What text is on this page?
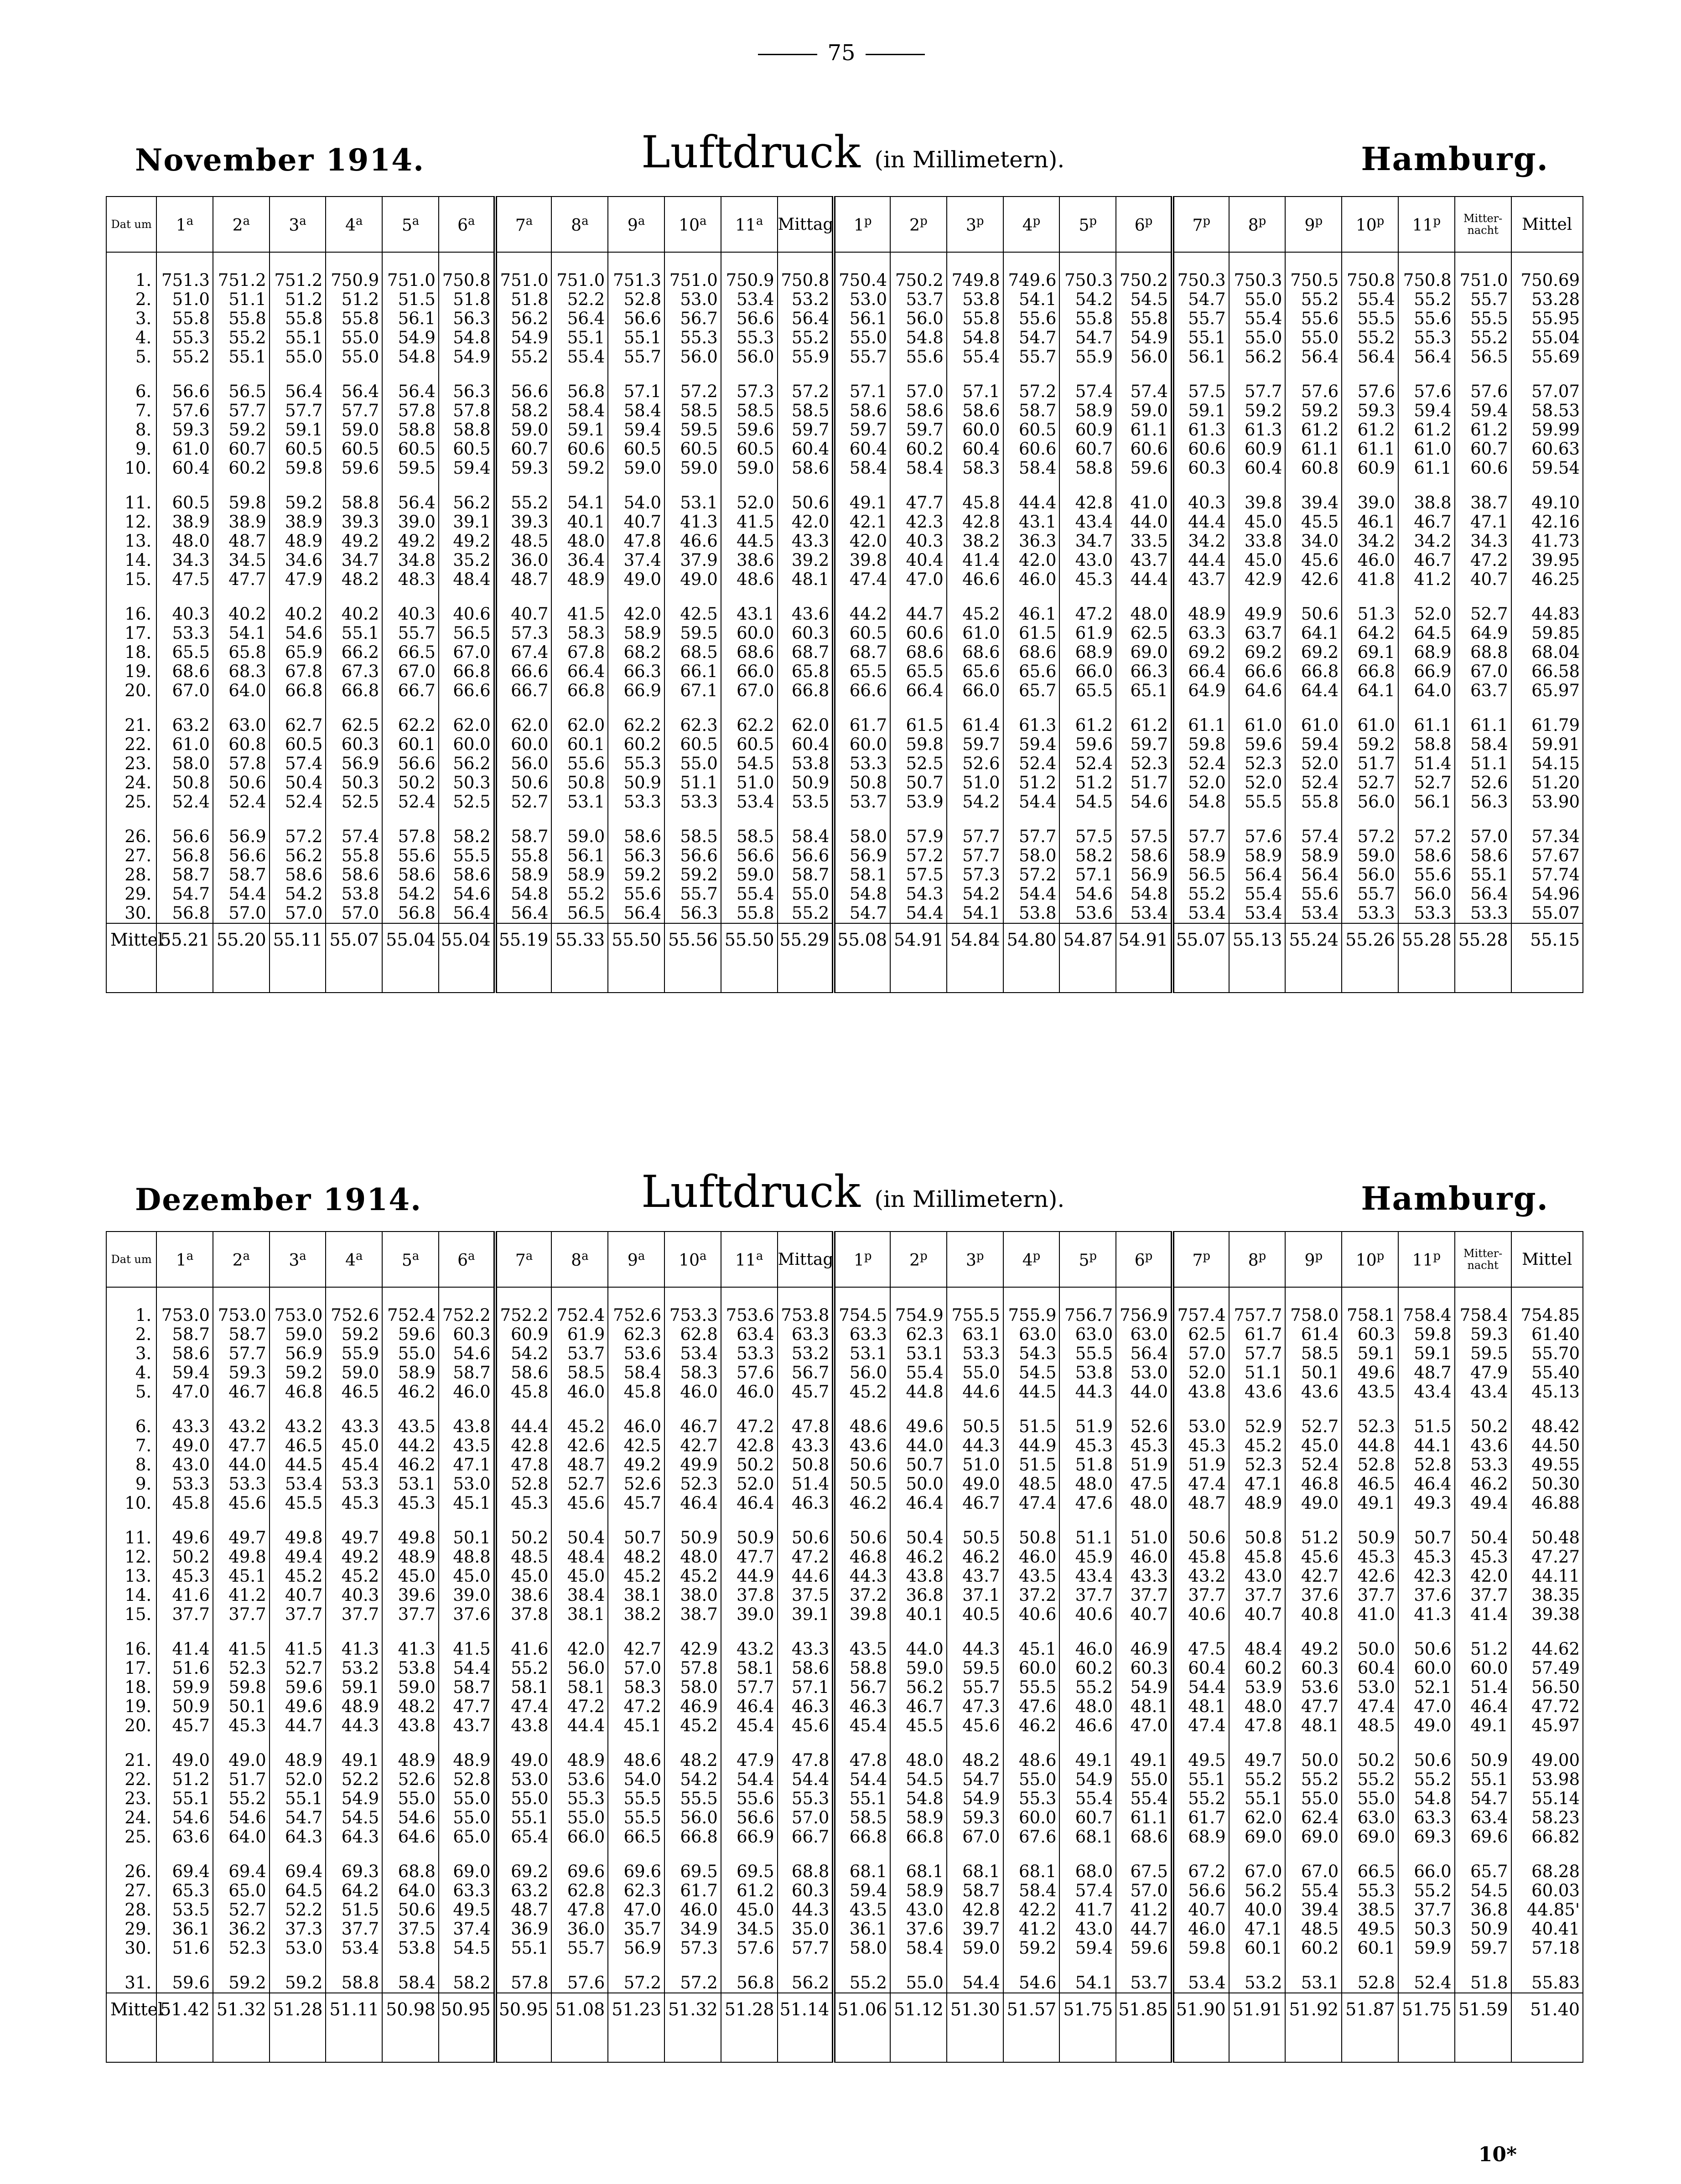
75
November 1914.	Luftdruck (in Millimetern).	Hamburg.
Dat um	1$^a$	2$^a$	3$^a$	4$^a$	5$^a$	6$^a$	7$^a$	8$^a$	9$^a$	10$^a$	11$^a$	Mittag	1$^p$	2$^p$	3$^p$	4$^p$	5$^p$	6$^p$	7$^p$	8$^p$	9$^p$	10$^p$	11$^p$	Mitter-nacht	Mittel

1.	751.3	751.2	751.2	750.9	751.0	750.8	751.0	751.0	751.3	751.0	750.9	750.8	750.4	750.2	749.8	749.6	750.3	750.2	750.3	750.3	750.5	750.8	750.8	751.0	750.69
2.	51.0	51.1	51.2	51.2	51.5	51.8	51.8	52.2	52.8	53.0	53.4	53.2	53.0	53.7	53.8	54.1	54.2	54.5	54.7	55.0	55.2	55.4	55.2	55.7	53.28
3.	55.8	55.8	55.8	55.8	56.1	56.3	56.2	56.4	56.6	56.7	56.6	56.4	56.1	56.0	55.8	55.6	55.8	55.8	55.7	55.4	55.6	55.5	55.6	55.5	55.95
4.	55.3	55.2	55.1	55.0	54.9	54.8	54.9	55.1	55.1	55.3	55.3	55.2	55.0	54.8	54.8	54.7	54.7	54.9	55.1	55.0	55.0	55.2	55.3	55.2	55.04
5.	55.2	55.1	55.0	55.0	54.8	54.9	55.2	55.4	55.7	56.0	56.0	55.9	55.7	55.6	55.4	55.7	55.9	56.0	56.1	56.2	56.4	56.4	56.4	56.5	55.69

6.	56.6	56.5	56.4	56.4	56.4	56.3	56.6	56.8	57.1	57.2	57.3	57.2	57.1	57.0	57.1	57.2	57.4	57.4	57.5	57.7	57.6	57.6	57.6	57.6	57.07
7.	57.6	57.7	57.7	57.7	57.8	57.8	58.2	58.4	58.4	58.5	58.5	58.5	58.6	58.6	58.6	58.7	58.9	59.0	59.1	59.2	59.2	59.3	59.4	59.4	58.53
8.	59.3	59.2	59.1	59.0	58.8	58.8	59.0	59.1	59.4	59.5	59.6	59.7	59.7	59.7	60.0	60.5	60.9	61.1	61.3	61.3	61.2	61.2	61.2	61.2	59.99
9.	61.0	60.7	60.5	60.5	60.5	60.5	60.7	60.6	60.5	60.5	60.5	60.4	60.4	60.2	60.4	60.6	60.7	60.6	60.6	60.9	61.1	61.1	61.0	60.7	60.63
10.	60.4	60.2	59.8	59.6	59.5	59.4	59.3	59.2	59.0	59.0	59.0	58.6	58.4	58.4	58.3	58.4	58.8	59.6	60.3	60.4	60.8	60.9	61.1	60.6	59.54

11.	60.5	59.8	59.2	58.8	56.4	56.2	55.2	54.1	54.0	53.1	52.0	50.6	49.1	47.7	45.8	44.4	42.8	41.0	40.3	39.8	39.4	39.0	38.8	38.7	49.10
12.	38.9	38.9	38.9	39.3	39.0	39.1	39.3	40.1	40.7	41.3	41.5	42.0	42.1	42.3	42.8	43.1	43.4	44.0	44.4	45.0	45.5	46.1	46.7	47.1	42.16
13.	48.0	48.7	48.9	49.2	49.2	49.2	48.5	48.0	47.8	46.6	44.5	43.3	42.0	40.3	38.2	36.3	34.7	33.5	34.2	33.8	34.0	34.2	34.2	34.3	41.73
14.	34.3	34.5	34.6	34.7	34.8	35.2	36.0	36.4	37.4	37.9	38.6	39.2	39.8	40.4	41.4	42.0	43.0	43.7	44.4	45.0	45.6	46.0	46.7	47.2	39.95
15.	47.5	47.7	47.9	48.2	48.3	48.4	48.7	48.9	49.0	49.0	48.6	48.1	47.4	47.0	46.6	46.0	45.3	44.4	43.7	42.9	42.6	41.8	41.2	40.7	46.25

16.	40.3	40.2	40.2	40.2	40.3	40.6	40.7	41.5	42.0	42.5	43.1	43.6	44.2	44.7	45.2	46.1	47.2	48.0	48.9	49.9	50.6	51.3	52.0	52.7	44.83
17.	53.3	54.1	54.6	55.1	55.7	56.5	57.3	58.3	58.9	59.5	60.0	60.3	60.5	60.6	61.0	61.5	61.9	62.5	63.3	63.7	64.1	64.2	64.5	64.9	59.85
18.	65.5	65.8	65.9	66.2	66.5	67.0	67.4	67.8	68.2	68.5	68.6	68.7	68.7	68.6	68.6	68.6	68.9	69.0	69.2	69.2	69.2	69.1	68.9	68.8	68.04
19.	68.6	68.3	67.8	67.3	67.0	66.8	66.6	66.4	66.3	66.1	66.0	65.8	65.5	65.5	65.6	65.6	66.0	66.3	66.4	66.6	66.8	66.8	66.9	67.0	66.58
20.	67.0	64.0	66.8	66.8	66.7	66.6	66.7	66.8	66.9	67.1	67.0	66.8	66.6	66.4	66.0	65.7	65.5	65.1	64.9	64.6	64.4	64.1	64.0	63.7	65.97

21.	63.2	63.0	62.7	62.5	62.2	62.0	62.0	62.0	62.2	62.3	62.2	62.0	61.7	61.5	61.4	61.3	61.2	61.2	61.1	61.0	61.0	61.0	61.1	61.1	61.79
22.	61.0	60.8	60.5	60.3	60.1	60.0	60.0	60.1	60.2	60.5	60.5	60.4	60.0	59.8	59.7	59.4	59.6	59.7	59.8	59.6	59.4	59.2	58.8	58.4	59.91
23.	58.0	57.8	57.4	56.9	56.6	56.2	56.0	55.6	55.3	55.0	54.5	53.8	53.3	52.5	52.6	52.4	52.4	52.3	52.4	52.3	52.0	51.7	51.4	51.1	54.15
24.	50.8	50.6	50.4	50.3	50.2	50.3	50.6	50.8	50.9	51.1	51.0	50.9	50.8	50.7	51.0	51.2	51.2	51.7	52.0	52.0	52.4	52.7	52.7	52.6	51.20
25.	52.4	52.4	52.4	52.5	52.4	52.5	52.7	53.1	53.3	53.3	53.4	53.5	53.7	53.9	54.2	54.4	54.5	54.6	54.8	55.5	55.8	56.0	56.1	56.3	53.90

26.	56.6	56.9	57.2	57.4	57.8	58.2	58.7	59.0	58.6	58.5	58.5	58.4	58.0	57.9	57.7	57.7	57.5	57.5	57.7	57.6	57.4	57.2	57.2	57.0	57.34
27.	56.8	56.6	56.2	55.8	55.6	55.5	55.8	56.1	56.3	56.6	56.6	56.6	56.9	57.2	57.7	58.0	58.2	58.6	58.9	58.9	58.9	59.0	58.6	58.6	57.67
28.	58.7	58.7	58.6	58.6	58.6	58.6	58.9	58.9	59.2	59.2	59.0	58.7	58.1	57.5	57.3	57.2	57.1	56.9	56.5	56.4	56.4	56.0	55.6	55.1	57.74
29.	54.7	54.4	54.2	53.8	54.2	54.6	54.8	55.2	55.6	55.7	55.4	55.0	54.8	54.3	54.2	54.4	54.6	54.8	55.2	55.4	55.6	55.7	56.0	56.4	54.96
30.	56.8	57.0	57.0	57.0	56.8	56.4	56.4	56.5	56.4	56.3	55.8	55.2	54.7	54.4	54.1	53.8	53.6	53.4	53.4	53.4	53.4	53.3	53.3	53.3	55.07
Mittel	55.21	55.20	55.11	55.07	55.04	55.04	55.19	55.33	55.50	55.56	55.50	55.29	55.08	54.91	54.84	54.80	54.87	54.91	55.07	55.13	55.24	55.26	55.28	55.28	55.15

Dezember 1914.	Luftdruck (in Millimetern).	Hamburg.
Dat um	1$^a$	2$^a$	3$^a$	4$^a$	5$^a$	6$^a$	7$^a$	8$^a$	9$^a$	10$^a$	11$^a$	Mittag	1$^p$	2$^p$	3$^p$	4$^p$	5$^p$	6$^p$	7$^p$	8$^p$	9$^p$	10$^p$	11$^p$	Mitter-nacht	Mittel

1.	753.0	753.0	753.0	752.6	752.4	752.2	752.2	752.4	752.6	753.3	753.6	753.8	754.5	754.9	755.5	755.9	756.7	756.9	757.4	757.7	758.0	758.1	758.4	758.4	754.85
2.	58.7	58.7	59.0	59.2	59.6	60.3	60.9	61.9	62.3	62.8	63.4	63.3	63.3	62.3	63.1	63.0	63.0	63.0	62.5	61.7	61.4	60.3	59.8	59.3	61.40
3.	58.6	57.7	56.9	55.9	55.0	54.6	54.2	53.7	53.6	53.4	53.3	53.2	53.1	53.1	53.3	54.3	55.5	56.4	57.0	57.7	58.5	59.1	59.1	59.5	55.70
4.	59.4	59.3	59.2	59.0	58.9	58.7	58.6	58.5	58.4	58.3	57.6	56.7	56.0	55.4	55.0	54.5	53.8	53.0	52.0	51.1	50.1	49.6	48.7	47.9	55.40
5.	47.0	46.7	46.8	46.5	46.2	46.0	45.8	46.0	45.8	46.0	46.0	45.7	45.2	44.8	44.6	44.5	44.3	44.0	43.8	43.6	43.6	43.5	43.4	43.4	45.13

6.	43.3	43.2	43.2	43.3	43.5	43.8	44.4	45.2	46.0	46.7	47.2	47.8	48.6	49.6	50.5	51.5	51.9	52.6	53.0	52.9	52.7	52.3	51.5	50.2	48.42
7.	49.0	47.7	46.5	45.0	44.2	43.5	42.8	42.6	42.5	42.7	42.8	43.3	43.6	44.0	44.3	44.9	45.3	45.3	45.3	45.2	45.0	44.8	44.1	43.6	44.50
8.	43.0	44.0	44.5	45.4	46.2	47.1	47.8	48.7	49.2	49.9	50.2	50.8	50.6	50.7	51.0	51.5	51.8	51.9	51.9	52.3	52.4	52.8	52.8	53.3	49.55
9.	53.3	53.3	53.4	53.3	53.1	53.0	52.8	52.7	52.6	52.3	52.0	51.4	50.5	50.0	49.0	48.5	48.0	47.5	47.4	47.1	46.8	46.5	46.4	46.2	50.30
10.	45.8	45.6	45.5	45.3	45.3	45.1	45.3	45.6	45.7	46.4	46.4	46.3	46.2	46.4	46.7	47.4	47.6	48.0	48.7	48.9	49.0	49.1	49.3	49.4	46.88

11.	49.6	49.7	49.8	49.7	49.8	50.1	50.2	50.4	50.7	50.9	50.9	50.6	50.6	50.4	50.5	50.8	51.1	51.0	50.6	50.8	51.2	50.9	50.7	50.4	50.48
12.	50.2	49.8	49.4	49.2	48.9	48.8	48.5	48.4	48.2	48.0	47.7	47.2	46.8	46.2	46.2	46.0	45.9	46.0	45.8	45.8	45.6	45.3	45.3	45.3	47.27
13.	45.3	45.1	45.2	45.2	45.0	45.0	45.0	45.0	45.2	45.2	44.9	44.6	44.3	43.8	43.7	43.5	43.4	43.3	43.2	43.0	42.7	42.6	42.3	42.0	44.11
14.	41.6	41.2	40.7	40.3	39.6	39.0	38.6	38.4	38.1	38.0	37.8	37.5	37.2	36.8	37.1	37.2	37.7	37.7	37.7	37.7	37.6	37.7	37.6	37.7	38.35
15.	37.7	37.7	37.7	37.7	37.7	37.6	37.8	38.1	38.2	38.7	39.0	39.1	39.8	40.1	40.5	40.6	40.6	40.7	40.6	40.7	40.8	41.0	41.3	41.4	39.38

16.	41.4	41.5	41.5	41.3	41.3	41.5	41.6	42.0	42.7	42.9	43.2	43.3	43.5	44.0	44.3	45.1	46.0	46.9	47.5	48.4	49.2	50.0	50.6	51.2	44.62
17.	51.6	52.3	52.7	53.2	53.8	54.4	55.2	56.0	57.0	57.8	58.1	58.6	58.8	59.0	59.5	60.0	60.2	60.3	60.4	60.2	60.3	60.4	60.0	60.0	57.49
18.	59.9	59.8	59.6	59.1	59.0	58.7	58.1	58.1	58.3	58.0	57.7	57.1	56.7	56.2	55.7	55.5	55.2	54.9	54.4	53.9	53.6	53.0	52.1	51.4	56.50
19.	50.9	50.1	49.6	48.9	48.2	47.7	47.4	47.2	47.2	46.9	46.4	46.3	46.3	46.7	47.3	47.6	48.0	48.1	48.1	48.0	47.7	47.4	47.0	46.4	47.72
20.	45.7	45.3	44.7	44.3	43.8	43.7	43.8	44.4	45.1	45.2	45.4	45.6	45.4	45.5	45.6	46.2	46.6	47.0	47.4	47.8	48.1	48.5	49.0	49.1	45.97

21.	49.0	49.0	48.9	49.1	48.9	48.9	49.0	48.9	48.6	48.2	47.9	47.8	47.8	48.0	48.2	48.6	49.1	49.1	49.5	49.7	50.0	50.2	50.6	50.9	49.00
22.	51.2	51.7	52.0	52.2	52.6	52.8	53.0	53.6	54.0	54.2	54.4	54.4	54.4	54.5	54.7	55.0	54.9	55.0	55.1	55.2	55.2	55.2	55.2	55.1	53.98
23.	55.1	55.2	55.1	54.9	55.0	55.0	55.0	55.3	55.5	55.5	55.6	55.3	55.1	54.8	54.9	55.3	55.4	55.4	55.2	55.1	55.0	55.0	54.8	54.7	55.14
24.	54.6	54.6	54.7	54.5	54.6	55.0	55.1	55.0	55.5	56.0	56.6	57.0	58.5	58.9	59.3	60.0	60.7	61.1	61.7	62.0	62.4	63.0	63.3	63.4	58.23
25.	63.6	64.0	64.3	64.3	64.6	65.0	65.4	66.0	66.5	66.8	66.9	66.7	66.8	66.8	67.0	67.6	68.1	68.6	68.9	69.0	69.0	69.0	69.3	69.6	66.82

26.	69.4	69.4	69.4	69.3	68.8	69.0	69.2	69.6	69.6	69.5	69.5	68.8	68.1	68.1	68.1	68.1	68.0	67.5	67.2	67.0	67.0	66.5	66.0	65.7	68.28
27.	65.3	65.0	64.5	64.2	64.0	63.3	63.2	62.8	62.3	61.7	61.2	60.3	59.4	58.9	58.7	58.4	57.4	57.0	56.6	56.2	55.4	55.3	55.2	54.5	60.03
28.	53.5	52.7	52.2	51.5	50.6	49.5	48.7	47.8	47.0	46.0	45.0	44.3	43.5	43.0	42.8	42.2	41.7	41.2	40.7	40.0	39.4	38.5	37.7	36.8	44.85'
29.	36.1	36.2	37.3	37.7	37.5	37.4	36.9	36.0	35.7	34.9	34.5	35.0	36.1	37.6	39.7	41.2	43.0	44.7	46.0	47.1	48.5	49.5	50.3	50.9	40.41
30.	51.6	52.3	53.0	53.4	53.8	54.5	55.1	55.7	56.9	57.3	57.6	57.7	58.0	58.4	59.0	59.2	59.4	59.6	59.8	60.1	60.2	60.1	59.9	59.7	57.18

31.	59.6	59.2	59.2	58.8	58.4	58.2	57.8	57.6	57.2	57.2	56.8	56.2	55.2	55.0	54.4	54.6	54.1	53.7	53.4	53.2	53.1	52.8	52.4	51.8	55.83
Mittel	51.42	51.32	51.28	51.11	50.98	50.95	50.95	51.08	51.23	51.32	51.28	51.14	51.06	51.12	51.30	51.57	51.75	51.85	51.90	51.91	51.92	51.87	51.75	51.59	51.40

10*
